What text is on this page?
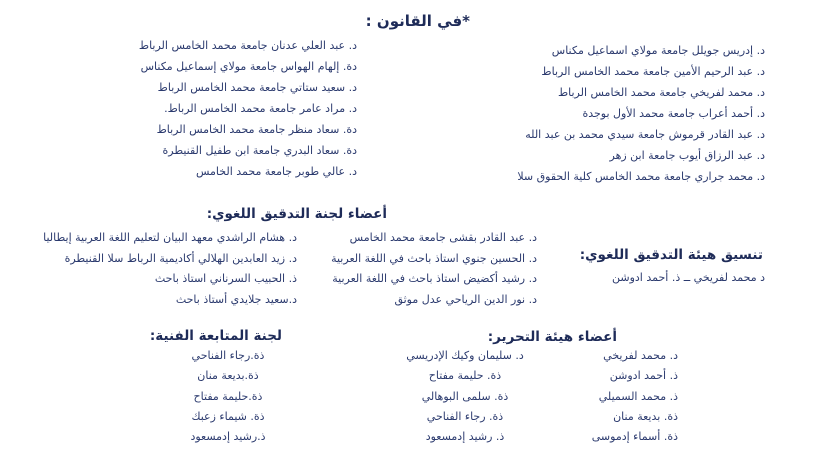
*في القانون :
د. عبد العلي عدنان جامعة محمد الخامس الرباط
دة. إلهام الهواس جامعة مولاي إسماعيل مكناس
د. سعيد ستاتي جامعة محمد الخامس الرباط
د. مراد عامر جامعة محمد الخامس الرباط.
دة. سعاد منظر جامعة محمد الخامس الرباط
دة. سعاد البدري جامعة ابن طفيل القنيطرة
د. عالي طوبر جامعة محمد الخامس
د. إدريس جويلل جامعة مولاي اسماعيل مكناس
د. عبد الرحيم الأمين جامعة محمد الخامس الرباط
د. محمد لفريخي جامعة محمد الخامس الرباط
د. أحمد أعراب جامعة محمد الأول بوجدة
د. عبد القادر قرموش جامعة سيدي محمد بن عبد الله
د. عبد الرزاق أيوب جامعة ابن زهر
د. محمد جراري جامعة محمد الخامس كلية الحقوق سلا
أعضاء لجنة التدقيق اللغوي:
د. عبد القادر بقشى جامعة محمد الخامس
د. الحسين جنوي استاذ باحث في اللغة العربية
د. رشيد أكضيض استاذ باحث في اللغة العربية
د. نور الدين الرياحي عدل موثق
د. هشام الراشدي معهد البيان لتعليم اللغة العربية إيطاليا
د. زيد العابدين الهلالي أكاديمية الرباط سلا القنيطرة
ذ. الحبيب السرناني استاذ باحث
د.سعيد جلايدي أستاذ باحث
تنسيق هيئة التدقيق اللغوي:
د محمد لفريخي ــ ذ. أحمد ادوشن
أعضاء هيئة التحرير:
د. محمد لفريخي
ذ. أحمد ادوشن
ذ. محمد السميلي
ذة. بديعة منان
ذة. أسماء إدموسى
د. سليمان وكيك الإدريسي
ذة. حليمة مفتاح
ذة. سلمى البوهالي
ذة. رجاء الفناحي
ذ. رشيد إدمسعود
لجنة المتابعة الفنية:
ذة.رجاء الفناحي
ذة.بديعة منان
ذة.حليمة مفتاح
ذة. شيماء زعبك
ذ.رشيد إدمسعود
